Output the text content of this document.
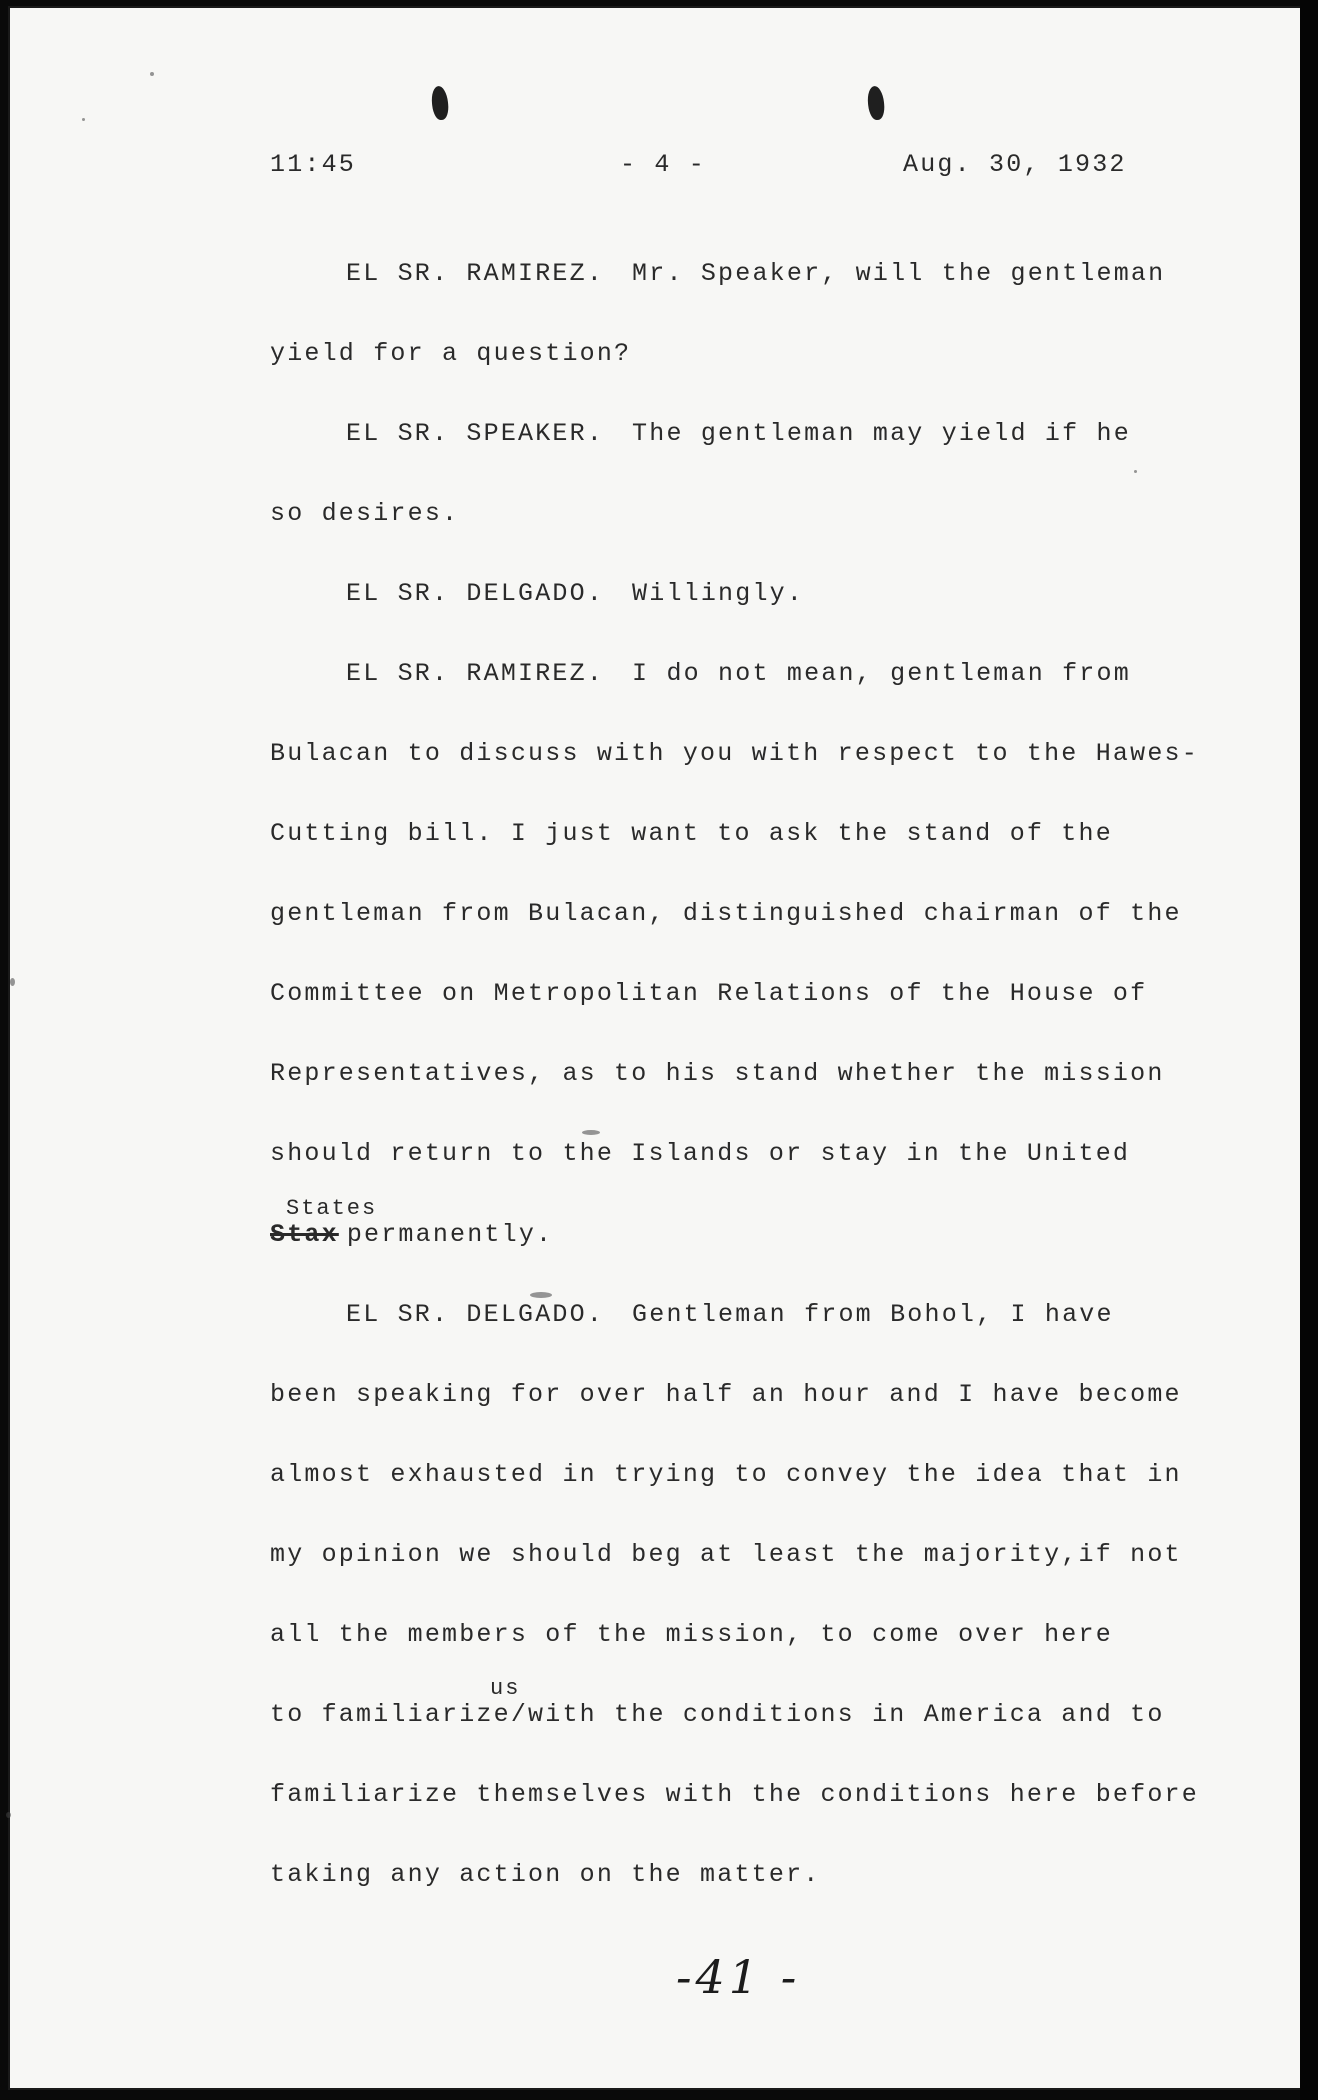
11:45	- 4 -	Aug. 30, 1932
EL SR. RAMIREZ. Mr. Speaker, will the gentleman
yield for a question?
EL SR. SPEAKER. The gentleman may yield if he
so desires.
EL SR. DELGADO. Willingly.
EL SR. RAMIREZ. I do not mean, gentleman from
Bulacan to discuss with you with respect to the Hawes-
Cutting bill. I just want to ask the stand of the
gentleman from Bulacan, distinguished chairman of the
Committee on Metropolitan Relations of the House of
Representatives, as to his stand whether the mission
should return to the Islands or stay in the United
States
Stax permanently.
EL SR. DELGADO. Gentleman from Bohol, I have
been speaking for over half an hour and I have become
almost exhausted in trying to convey the idea that in
my opinion we should beg at least the majority,if not
all the members of the mission, to come over here
us
to familiarize/with the conditions in America and to
familiarize themselves with the conditions here before
taking any action on the matter.
-41 -
